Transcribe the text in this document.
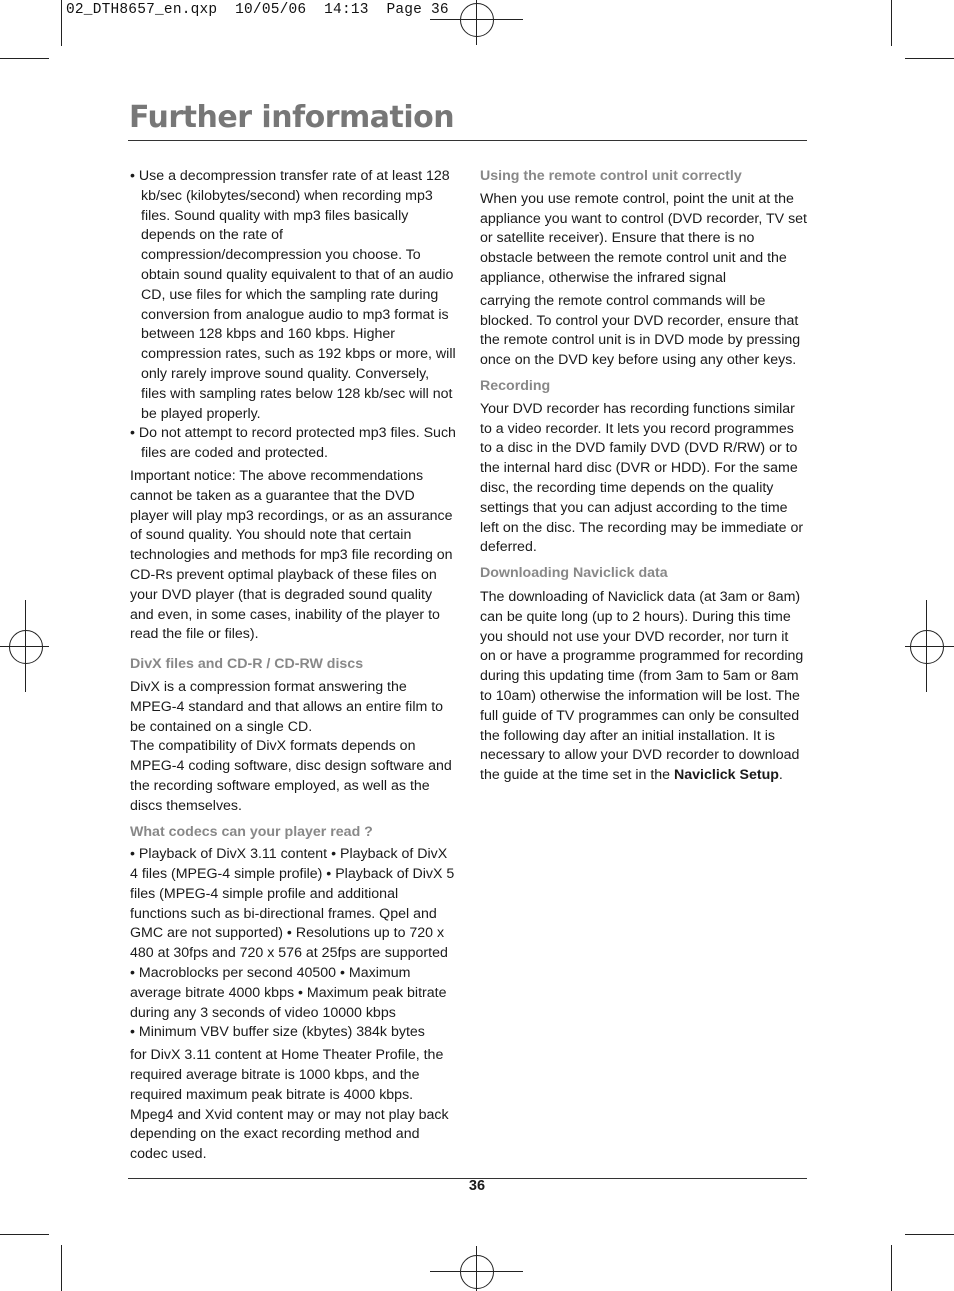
02_DTH8657_en.qxp  10/05/06  14:13  Page 36
Further information

• Use a decompression transfer rate of at least 128 kb/sec (kilobytes/second) when recording mp3 files. Sound quality with mp3 files basically depends on the rate of compression/decompression you choose. To obtain sound quality equivalent to that of an audio CD, use files for which the sampling rate during conversion from analogue audio to mp3 format is between 128 kbps and 160 kbps. Higher compression rates, such as 192 kbps or more, will only rarely improve sound quality. Conversely, files with sampling rates below 128 kb/sec will not be played properly.

• Do not attempt to record protected mp3 files. Such files are coded and protected.

Important notice: The above recommendations cannot be taken as a guarantee that the DVD player will play mp3 recordings, or as an assurance of sound quality. You should note that certain technologies and methods for mp3 file recording on CD-Rs prevent optimal playback of these files on your DVD player (that is degraded sound quality and even, in some cases, inability of the player to read the file or files).

DivX files and CD-R / CD-RW discs

DivX is a compression format answering the MPEG-4 standard and that allows an entire film to be contained on a single CD.

The compatibility of DivX formats depends on MPEG-4 coding software, disc design software and the recording software employed, as well as the discs themselves.

What codecs can your player read ?

• Playback of DivX 3.11 content • Playback of DivX 4 files (MPEG-4 simple profile) • Playback of DivX 5 files (MPEG-4 simple profile and additional functions such as bi-directional frames. Qpel and GMC are not supported) • Resolutions up to 720 x 480 at 30fps and 720 x 576 at 25fps are supported

• Macroblocks per second 40500 • Maximum average bitrate 4000 kbps • Maximum peak bitrate during any 3 seconds of video 10000 kbps

• Minimum VBV buffer size (kbytes) 384k bytes

for DivX 3.11 content at Home Theater Profile, the required average bitrate is 1000 kbps, and the required maximum peak bitrate is 4000 kbps. Mpeg4 and Xvid content may or may not play back depending on the exact recording method and codec used.

Using the remote control unit correctly

When you use remote control, point the unit at the appliance you want to control (DVD recorder, TV set or satellite receiver). Ensure that there is no obstacle between the remote control unit and the appliance, otherwise the infrared signal

carrying the remote control commands will be blocked. To control your DVD recorder, ensure that the remote control unit is in DVD mode by pressing once on the DVD key before using any other keys.

Recording

Your DVD recorder has recording functions similar to a video recorder. It lets you record programmes to a disc in the DVD family DVD (DVD R/RW) or to the internal hard disc (DVR or HDD). For the same disc, the recording time depends on the quality settings that you can adjust according to the time left on the disc. The recording may be immediate or deferred.

Downloading Naviclick data

The downloading of Naviclick data (at 3am or 8am) can be quite long (up to 2 hours). During this time you should not use your DVD recorder, nor turn it on or have a programme programmed for recording during this updating time (from 3am to 5am or 8am to 10am) otherwise the information will be lost. The full guide of TV programmes can only be consulted the following day after an initial installation. It is necessary to allow your DVD recorder to download the guide at the time set in the Naviclick Setup.

36
